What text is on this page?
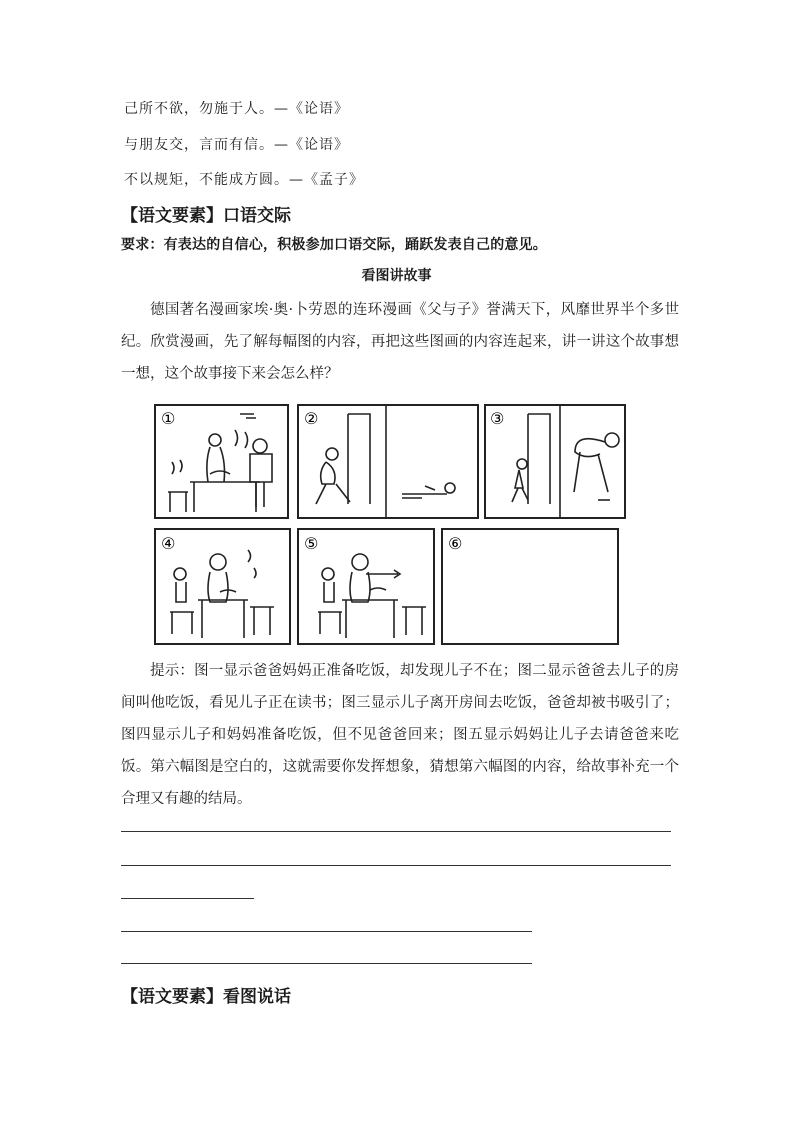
己所不欲，勿施于人。—《论语》
与朋友交，言而有信。—《论语》
不以规矩，不能成方圆。—《孟子》
【语文要素】口语交际
要求：有表达的自信心，积极参加口语交际，踊跃发表自己的意见。
看图讲故事
德国著名漫画家埃·奥·卜劳恩的连环漫画《父与子》誉满天下，风靡世界半个多世纪。欣赏漫画，先了解每幅图的内容，再把这些图画的内容连起来，讲一讲这个故事想一想，这个故事接下来会怎么样？
①	②	③
④	⑤	⑥
提示：图一显示爸爸妈妈正准备吃饭，却发现儿子不在；图二显示爸爸去儿子的房间叫他吃饭，看见儿子正在读书；图三显示儿子离开房间去吃饭，爸爸却被书吸引了；图四显示儿子和妈妈准备吃饭，但不见爸爸回来；图五显示妈妈让儿子去请爸爸来吃饭。第六幅图是空白的，这就需要你发挥想象，猜想第六幅图的内容，给故事补充一个合理又有趣的结局。
【语文要素】看图说话
